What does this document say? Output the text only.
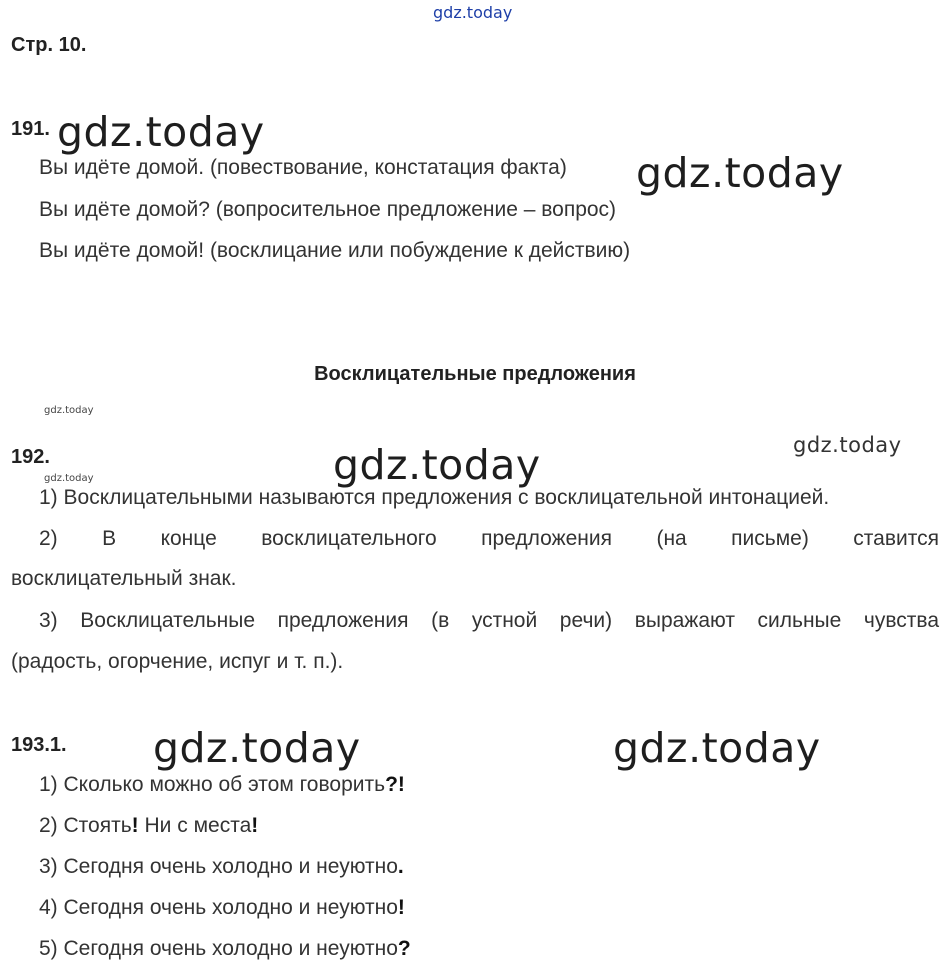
gdz.today
Стр. 10.
191. gdz.today
Вы идёте домой. (повествование, констатация факта) gdz.today
Вы идёте домой? (вопросительное предложение – вопрос)
Вы идёте домой! (восклицание или побуждение к действию)
Восклицательные предложения
gdz.today
192.
gdz.today	gdz.today	gdz.today
1) Восклицательными называются предложения с восклицательной интонацией.
2) В конце восклицательного предложения (на письме) ставится
восклицательный знак.
3) Восклицательные предложения (в устной речи) выражают сильные чувства
(радость, огорчение, испуг и т. п.).
193.1. gdz.today	gdz.today
1) Сколько можно об этом говорить?!
2) Стоять! Ни с места!
3) Сегодня очень холодно и неуютно.
4) Сегодня очень холодно и неуютно!
5) Сегодня очень холодно и неуютно?
